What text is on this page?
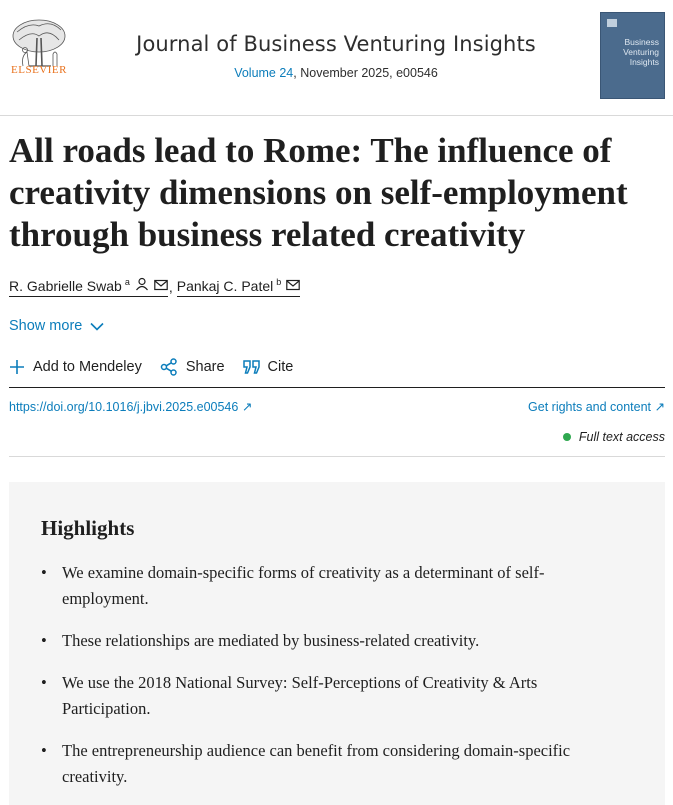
ELSEVIER
Journal of Business Venturing Insights
Volume 24, November 2025, e00546
Business Venturing Insights
All roads lead to Rome: The influence of creativity dimensions on self-employment through business related creativity
R. Gabrielle Swab $^a$	, Pankaj C. Patel $^b$
Show more
Add to Mendeley	Share	Cite
https://doi.org/10.1016/j.jbvi.2025.e00546 ↗	Get rights and content ↗
Full text access
Highlights
• We examine domain-specific forms of creativity as a determinant of self-employment.
• These relationships are mediated by business-related creativity.
• We use the 2018 National Survey: Self-Perceptions of Creativity & Arts Participation.
• The entrepreneurship audience can benefit from considering domain-specific creativity.
